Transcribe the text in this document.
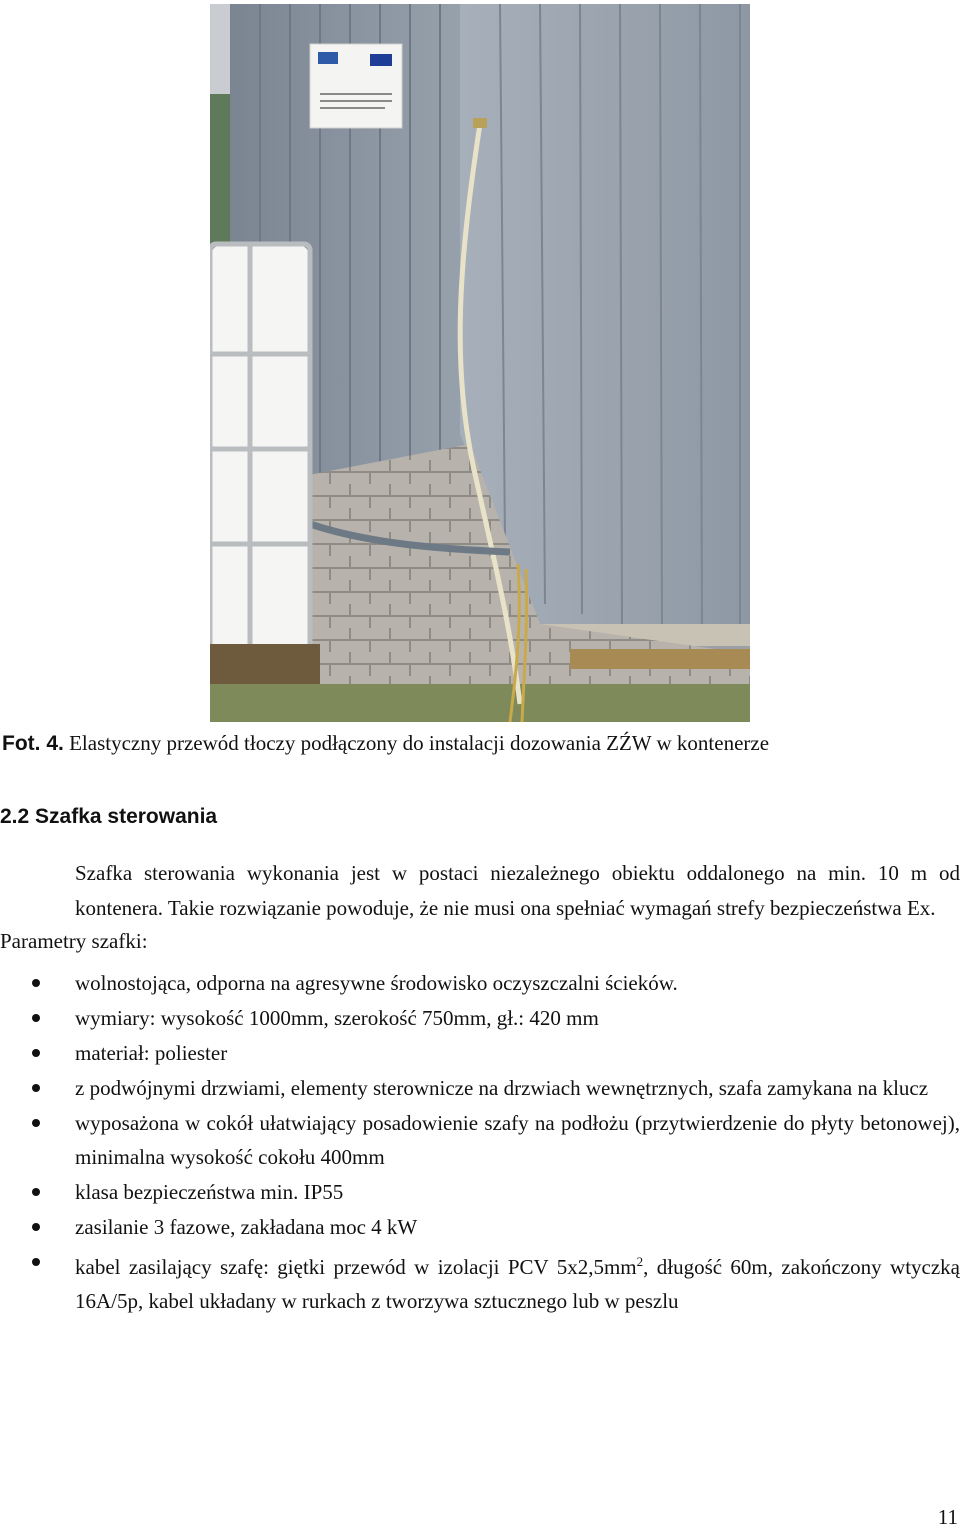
Fot. 4. Elastyczny przewód tłoczy podłączony do instalacji dozowania ZŹW w kontenerze
2.2 Szafka sterowania
Szafka sterowania wykonania jest w postaci niezależnego obiektu oddalonego na min. 10 m od kontenera. Takie rozwiązanie powoduje, że nie musi ona spełniać wymagań strefy bezpieczeństwa Ex.
Parametry szafki:
wolnostojąca, odporna na agresywne środowisko oczyszczalni ścieków.
wymiary: wysokość 1000mm, szerokość 750mm, gł.: 420 mm
materiał: poliester
z podwójnymi drzwiami, elementy sterownicze na drzwiach wewnętrznych, szafa zamykana na klucz
wyposażona w cokół ułatwiający posadowienie szafy na podłożu (przytwierdzenie do płyty betonowej), minimalna wysokość cokołu 400mm
klasa bezpieczeństwa min. IP55
zasilanie 3 fazowe, zakładana moc 4 kW
kabel zasilający szafę: giętki przewód w izolacji PCV $5x2,5mm^2$, długość 60m, zakończony wtyczką 16A/5p, kabel układany w rurkach z tworzywa sztucznego lub w peszlu
11
